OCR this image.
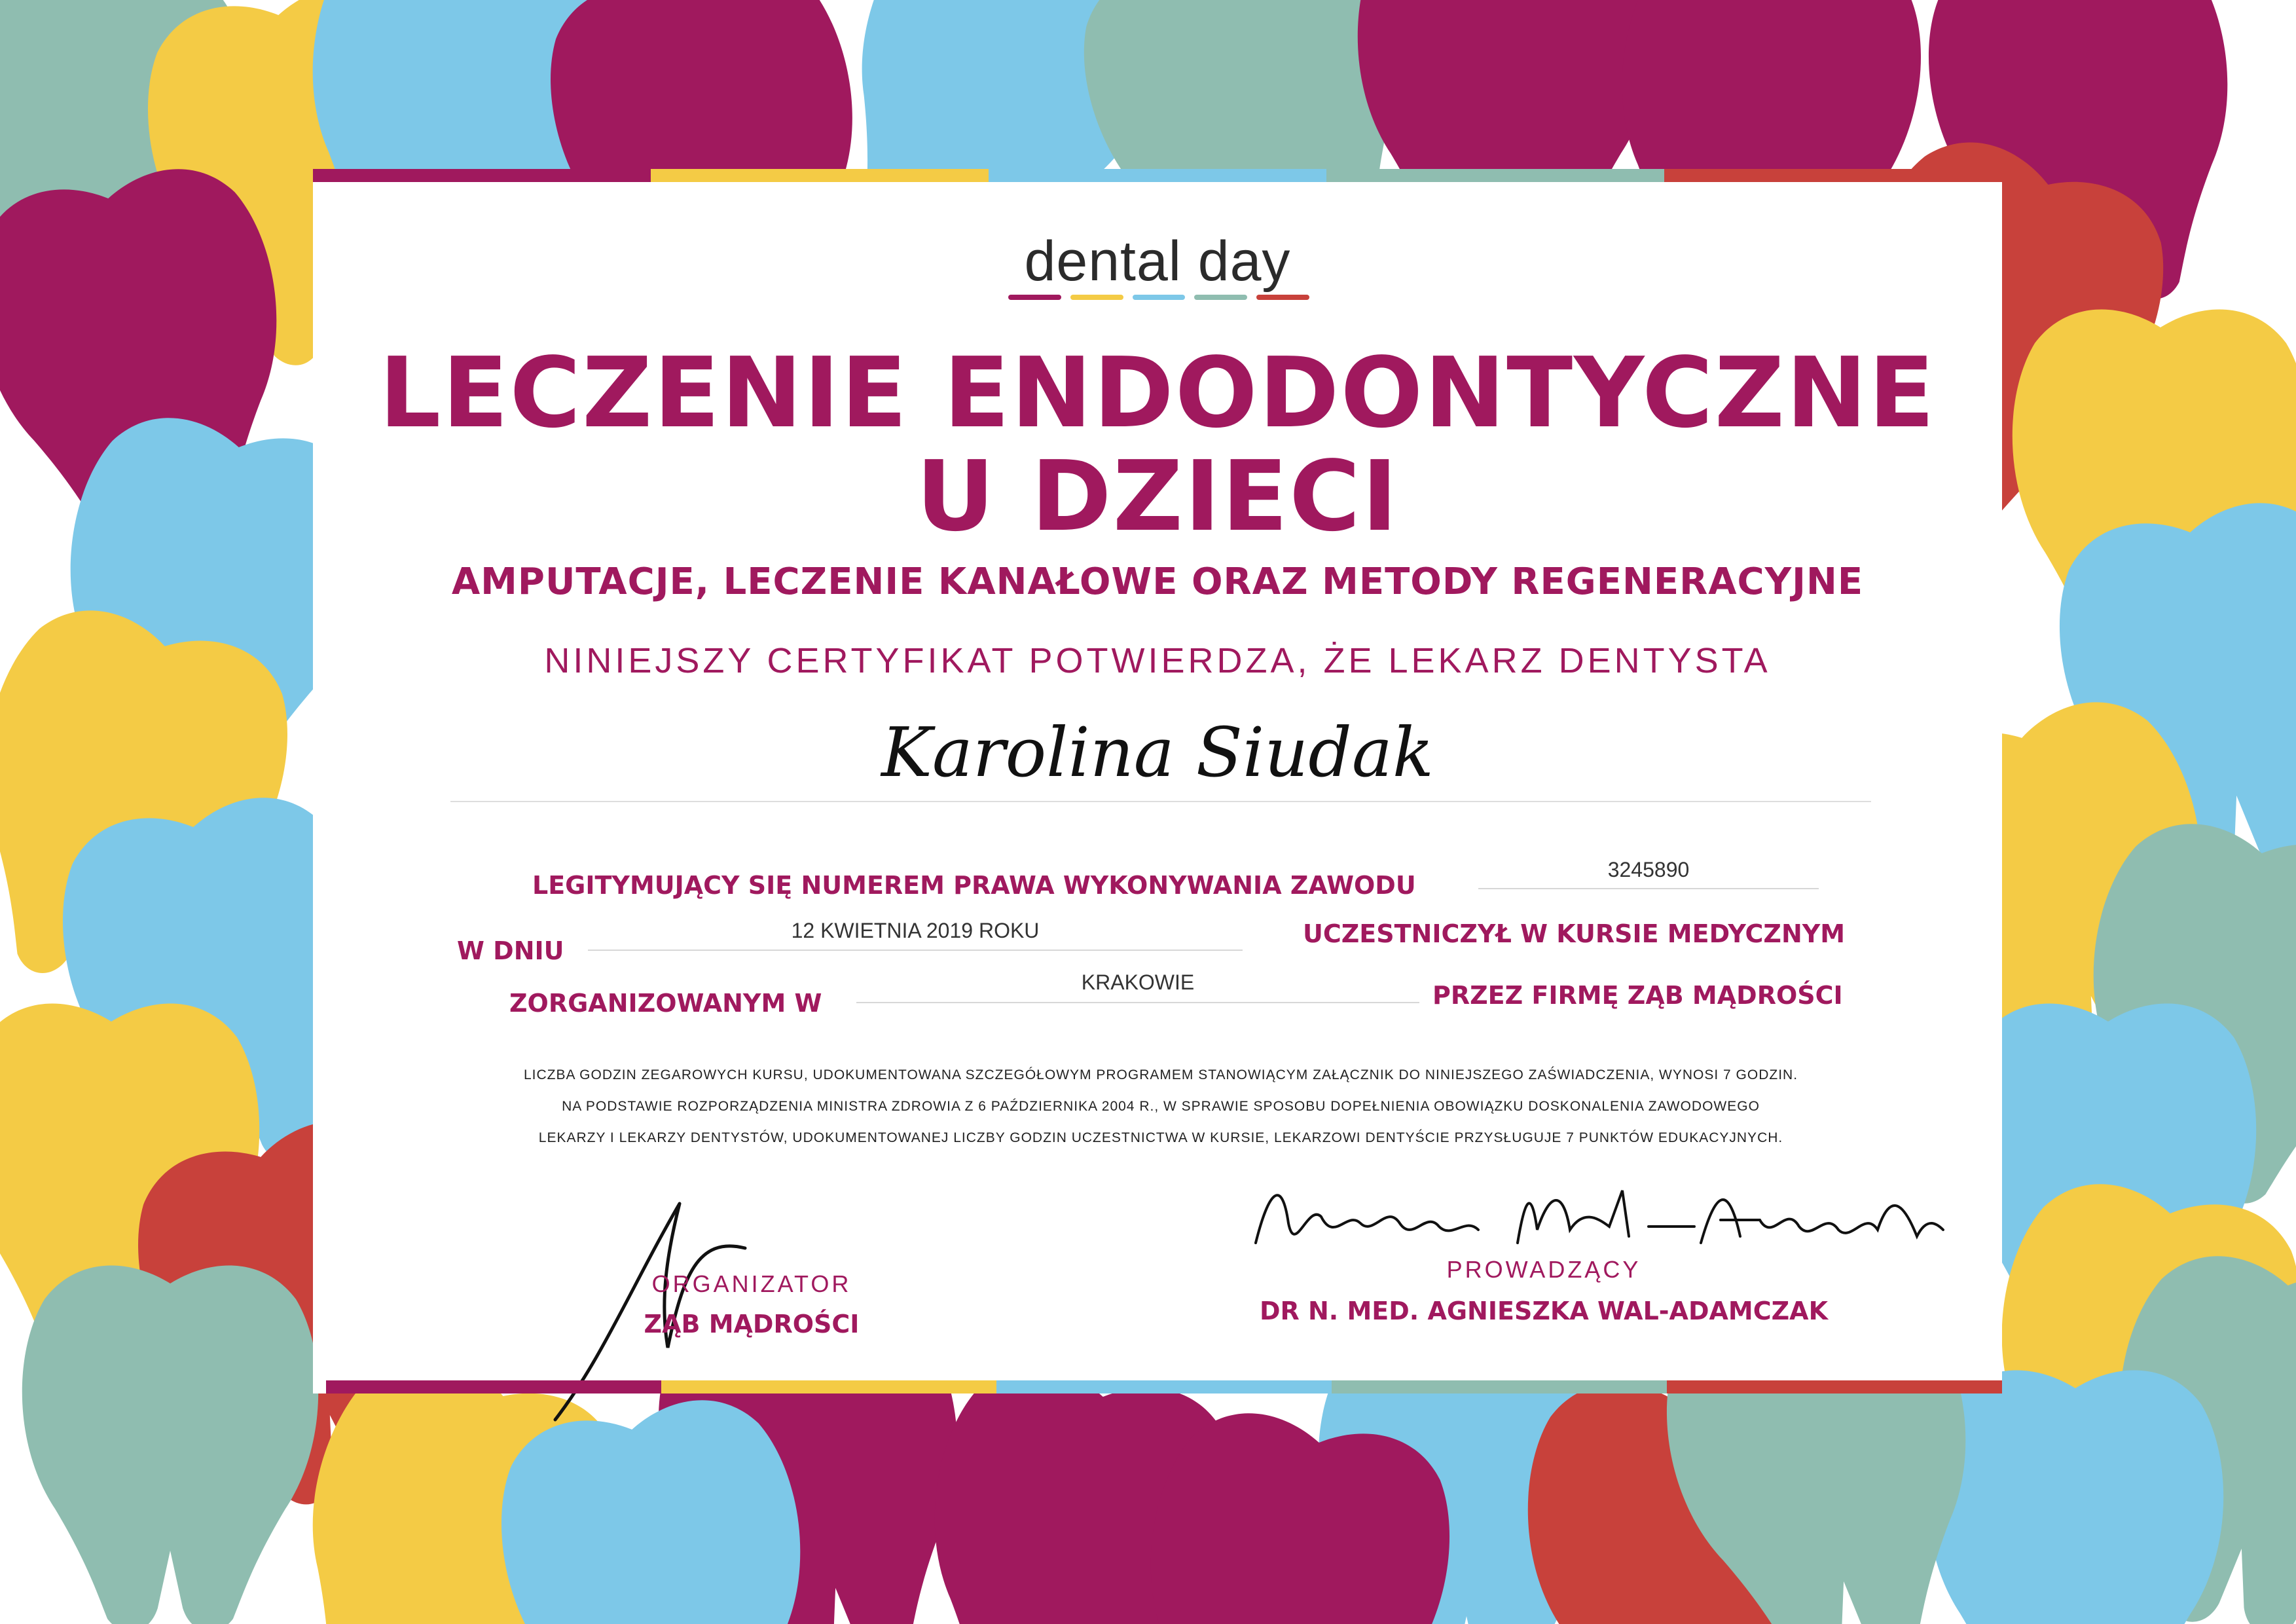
dental day
LECZENIE ENDODONTYCZNE
U DZIECI
AMPUTACJE, LECZENIE KANAŁOWE ORAZ METODY REGENERACYJNE
NINIEJSZY CERTYFIKAT POTWIERDZA, ŻE LEKARZ DENTYSTA
Karolina Siudak
LEGITYMUJĄCY SIĘ NUMEREM PRAWA WYKONYWANIA ZAWODU
3245890
W DNIU
12 KWIETNIA 2019 ROKU	UCZESTNICZYŁ W KURSIE MEDYCZNYM
ZORGANIZOWANYM W
KRAKOWIE	PRZEZ FIRMĘ ZĄB MĄDROŚCI
LICZBA GODZIN ZEGAROWYCH KURSU, UDOKUMENTOWANA SZCZEGÓŁOWYM PROGRAMEM STANOWIĄCYM ZAŁĄCZNIK DO NINIEJSZEGO ZAŚWIADCZENIA, WYNOSI 7 GODZIN.
NA PODSTAWIE ROZPORZĄDZENIA MINISTRA ZDROWIA Z 6 PAŹDZIERNIKA 2004 R., W SPRAWIE SPOSOBU DOPEŁNIENIA OBOWIĄZKU DOSKONALENIA ZAWODOWEGO
LEKARZY I LEKARZY DENTYSTÓW, UDOKUMENTOWANEJ LICZBY GODZIN UCZESTNICTWA W KURSIE, LEKARZOWI DENTYŚCIE PRZYSŁUGUJE 7 PUNKTÓW EDUKACYJNYCH.
ORGANIZATOR
ZĄB MĄDROŚCI
PROWADZĄCY
DR N. MED. AGNIESZKA WAL-ADAMCZAK
